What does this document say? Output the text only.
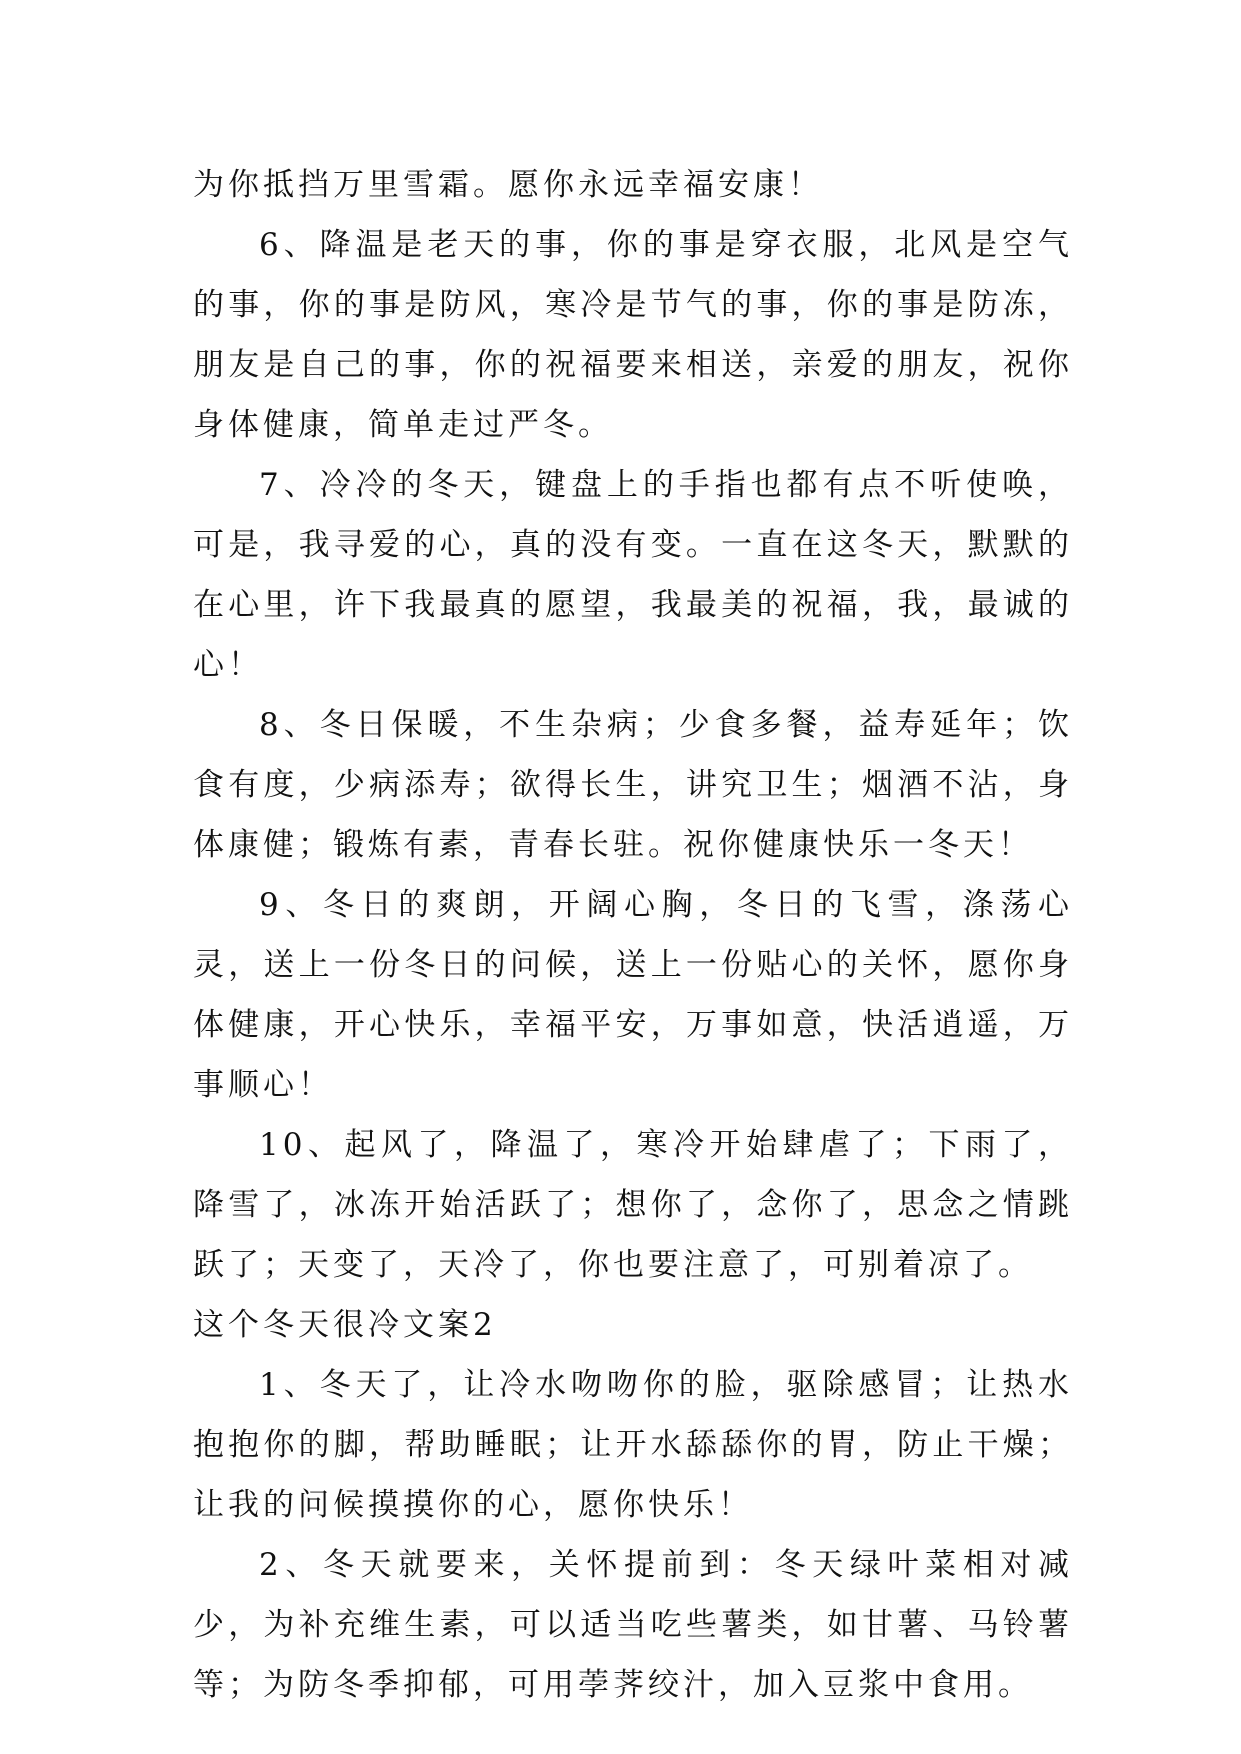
为你抵挡万里雪霜。愿你永远幸福安康！

6、降温是老天的事，你的事是穿衣服，北风是空气的事，你的事是防风，寒冷是节气的事，你的事是防冻，朋友是自己的事，你的祝福要来相送，亲爱的朋友，祝你身体健康，简单走过严冬。

7、冷冷的冬天，键盘上的手指也都有点不听使唤，可是，我寻爱的心，真的没有变。一直在这冬天，默默的在心里，许下我最真的愿望，我最美的祝福，我，最诚的心！

8、冬日保暖，不生杂病；少食多餐，益寿延年；饮食有度，少病添寿；欲得长生，讲究卫生；烟酒不沾，身体康健；锻炼有素，青春长驻。祝你健康快乐一冬天！

9、冬日的爽朗，开阔心胸，冬日的飞雪，涤荡心灵，送上一份冬日的问候，送上一份贴心的关怀，愿你身体健康，开心快乐，幸福平安，万事如意，快活逍遥，万事顺心！

10、起风了，降温了，寒冷开始肆虐了；下雨了，降雪了，冰冻开始活跃了；想你了，念你了，思念之情跳跃了；天变了，天冷了，你也要注意了，可别着凉了。

这个冬天很冷文案2

1、冬天了，让冷水吻吻你的脸，驱除感冒；让热水抱抱你的脚，帮助睡眠；让开水舔舔你的胃，防止干燥；让我的问候摸摸你的心，愿你快乐！

2、冬天就要来，关怀提前到：冬天绿叶菜相对减少，为补充维生素，可以适当吃些薯类，如甘薯、马铃薯等；为防冬季抑郁，可用荸荠绞汁，加入豆浆中食用。
